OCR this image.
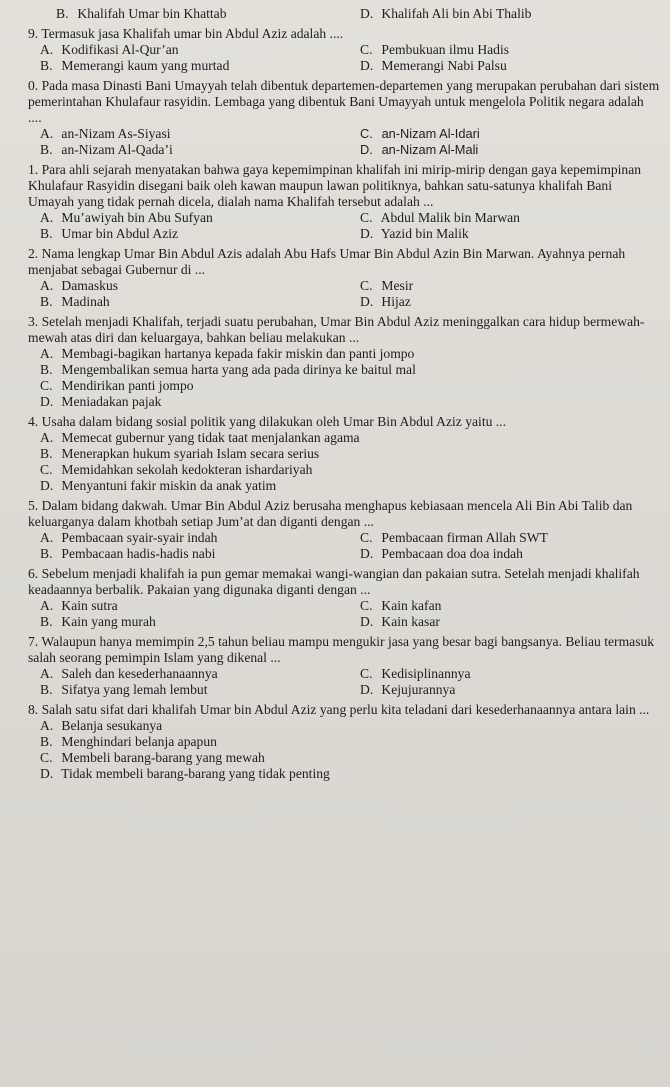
B. Khalifah Umar bin Khattab	D. Khalifah Ali bin Abi Thalib

9. Termasuk jasa Khalifah umar bin Abdul Aziz adalah ....

A. Kodifikasi Al-Qur’an	C. Pembukuan ilmu Hadis
B. Memerangi kaum yang murtad	D. Memerangi Nabi Palsu

0. Pada masa Dinasti Bani Umayyah telah dibentuk departemen-departemen yang merupakan perubahan dari sistem pemerintahan Khulafaur rasyidin. Lembaga yang dibentuk Bani Umayyah untuk mengelola Politik negara adalah ....

A. an-Nizam As-Siyasi	C. an-Nizam Al-Idari
B. an-Nizam Al-Qada’i	D. an-Nizam Al-Mali

1. Para ahli sejarah menyatakan bahwa gaya kepemimpinan khalifah ini mirip-mirip dengan gaya kepemimpinan Khulafaur Rasyidin disegani baik oleh kawan maupun lawan politiknya, bahkan satu-satunya khalifah Bani Umayah yang tidak pernah dicela, dialah nama Khalifah tersebut adalah ...

A. Mu’awiyah bin Abu Sufyan	C. Abdul Malik bin Marwan
B. Umar bin Abdul Aziz	D. Yazid bin Malik

2. Nama lengkap Umar Bin Abdul Azis adalah Abu Hafs Umar Bin Abdul Azin Bin Marwan. Ayahnya pernah menjabat sebagai Gubernur di ...

A. Damaskus	C. Mesir
B. Madinah	D. Hijaz

3. Setelah menjadi Khalifah, terjadi suatu perubahan, Umar Bin Abdul Aziz meninggalkan cara hidup bermewah-mewah atas diri dan keluargaya, bahkan beliau melakukan ...

A. Membagi-bagikan hartanya kepada fakir miskin dan panti jompo
B. Mengembalikan semua harta yang ada pada dirinya ke baitul mal
C. Mendirikan panti jompo
D. Meniadakan pajak

4. Usaha dalam bidang sosial politik yang dilakukan oleh Umar Bin Abdul Aziz yaitu ...

A. Memecat gubernur yang tidak taat menjalankan agama
B. Menerapkan hukum syariah Islam secara serius
C. Memidahkan sekolah kedokteran ishardariyah
D. Menyantuni fakir miskin da anak yatim

5. Dalam bidang dakwah. Umar Bin Abdul Aziz berusaha menghapus kebiasaan mencela Ali Bin Abi Talib dan keluarganya dalam khotbah setiap Jum’at dan diganti dengan ...

A. Pembacaan syair-syair indah	C. Pembacaan firman Allah SWT
B. Pembacaan hadis-hadis nabi	D. Pembacaan doa doa indah

6. Sebelum menjadi khalifah ia pun gemar memakai wangi-wangian dan pakaian sutra. Setelah menjadi khalifah keadaannya berbalik. Pakaian yang digunaka diganti dengan ...

A. Kain sutra	C. Kain kafan
B. Kain yang murah	D. Kain kasar

7. Walaupun hanya memimpin 2,5 tahun beliau mampu mengukir jasa yang besar bagi bangsanya. Beliau termasuk salah seorang pemimpin Islam yang dikenal ...

A. Saleh dan kesederhanaannya	C. Kedisiplinannya
B. Sifatya yang lemah lembut	D. Kejujurannya

8. Salah satu sifat dari khalifah Umar bin Abdul Aziz yang perlu kita teladani dari kesederhanaannya antara lain ...

A. Belanja sesukanya
B. Menghindari belanja apapun
C. Membeli barang-barang yang mewah
D. Tidak membeli barang-barang yang tidak penting
